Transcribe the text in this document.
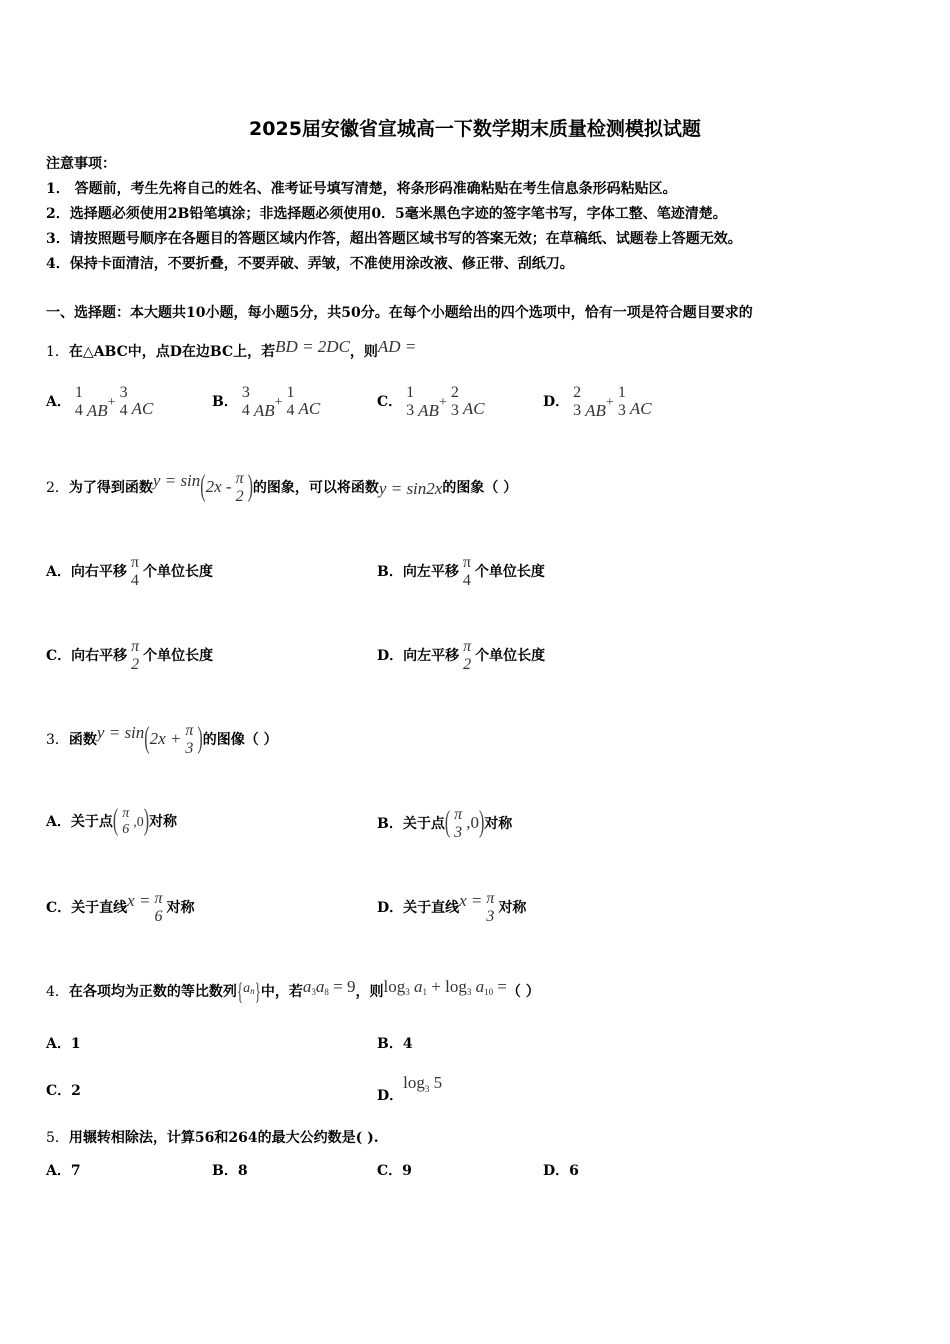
2025届安徽省宣城高一下数学期末质量检测模拟试题
注意事项：
1． 答题前，考生先将自己的姓名、准考证号填写清楚，将条形码准确粘贴在考生信息条形码粘贴区。
2．选择题必须使用2B铅笔填涂；非选择题必须使用0．5毫米黑色字迹的签字笔书写，字体工整、笔迹清楚。
3．请按照题号顺序在各题目的答题区域内作答，超出答题区域书写的答案无效；在草稿纸、试题卷上答题无效。
4．保持卡面清洁，不要折叠，不要弄破、弄皱，不准使用涂改液、修正带、刮纸刀。
一、选择题：本大题共10小题，每小题5分，共50分。在每个小题给出的四个选项中，恰有一项是符合题目要求的
1．在△ABC中，点D在边BC上，若BD = 2DC，则AD =
A．
1
4 AB+
3
4 AC	B．
3
4 AB+
1
4 AC	C．
1
3 AB+
2
3 AC	D．
2
3 AB+
1
3 AC
2．为了得到函数y = sin(2x - π
2 )的图象，可以将函数y = sin2x的图象（ ）
A．向右平移
π
4 个单位长度	B．向左平移
π
4 个单位长度
C．向右平移
π
2 个单位长度	D．向左平移
π
2 个单位长度
3．函数y = sin(2x + π
3 )的图像（ ）
A．关于点( π
6 ,0)对称	B．关于点( π
3
,0)对称
C．关于直线x = π
6 对称	D．关于直线x = π
3 对称
4．在各项均为正数的等比数列$\{a^n\}$中，若a3a8 = 9，则log3 a1 + log3 a10 =（ ）
A．1	B．4
C．2	D．$\log^3 5$
5．用辗转相除法，计算56和264的最大公约数是( ).
A．7	B．8	C．9	D．6
